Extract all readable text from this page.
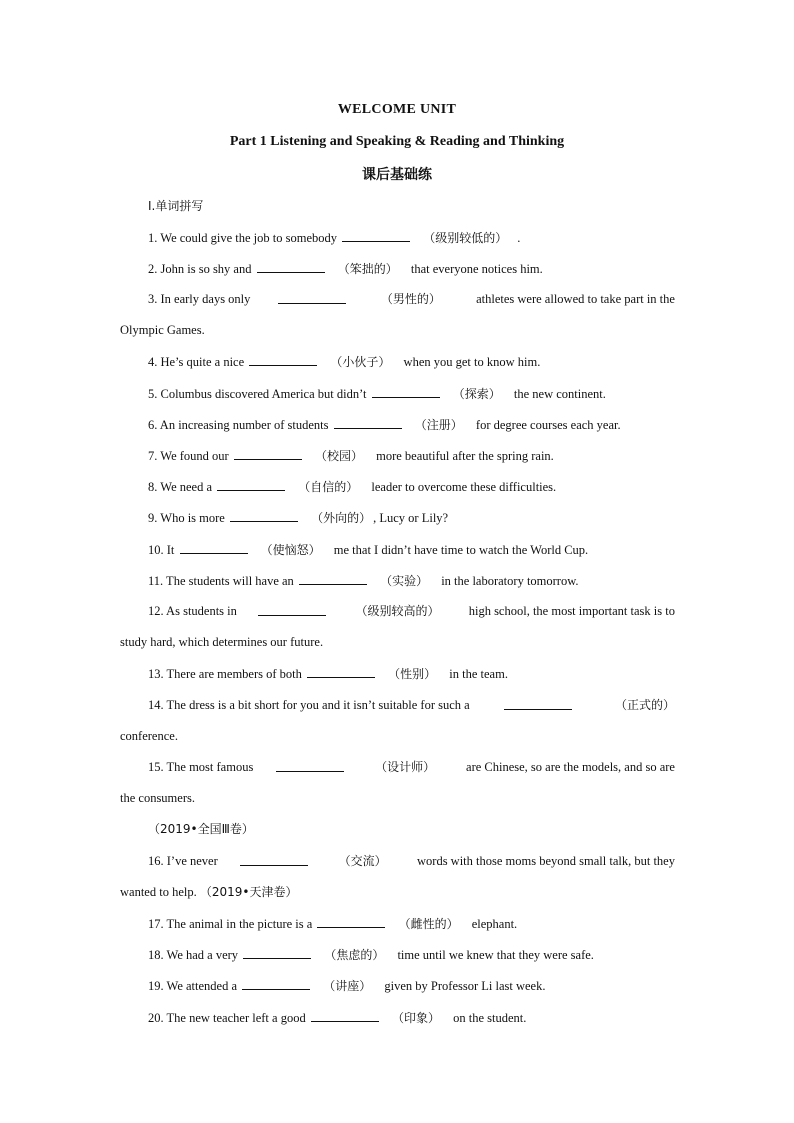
WELCOME UNIT
Part 1 Listening and Speaking & Reading and Thinking
课后基础练
I.单词拼写
1. We could give the job to somebody	（级别较低的） .
2. John is so shy and	（笨拙的） that everyone notices him.
3. In early days only	（男性的）	athletes were allowed to take part in the
Olympic Games.
4. He’s quite a nice	（小伙子） when you get to know him.
5. Columbus discovered America but didn’t	（探索） the new continent.
6. An increasing number of students	（注册） for degree courses each year.
7. We found our	（校园） more beautiful after the spring rain.
8. We need a	（自信的） leader to overcome these difficulties.
9. Who is more	（外向的） , Lucy or Lily?
10. It	（使恼怒） me that I didn’t have time to watch the World Cup.
11. The students will have an	（实验） in the laboratory tomorrow.
12. As students in	（级别较高的） high school, the most important task is to
study hard, which determines our future.
13. There are members of both	（性别） in the team.
14. The dress is a bit short for you and it isn’t suitable for such a	（正式的）
conference.
15. The most famous	（设计师） are Chinese, so are the models, and so are
the consumers.
（2019•全国Ⅲ卷）
16. I’ve never	（交流） words with those moms beyond small talk, but they
wanted to help. （2019•天津卷）
17. The animal in the picture is a	（雌性的） elephant.
18. We had a very	（焦虑的） time until we knew that they were safe.
19. We attended a	（讲座） given by Professor Li last week.
20. The new teacher left a good	（印象） on the student.
